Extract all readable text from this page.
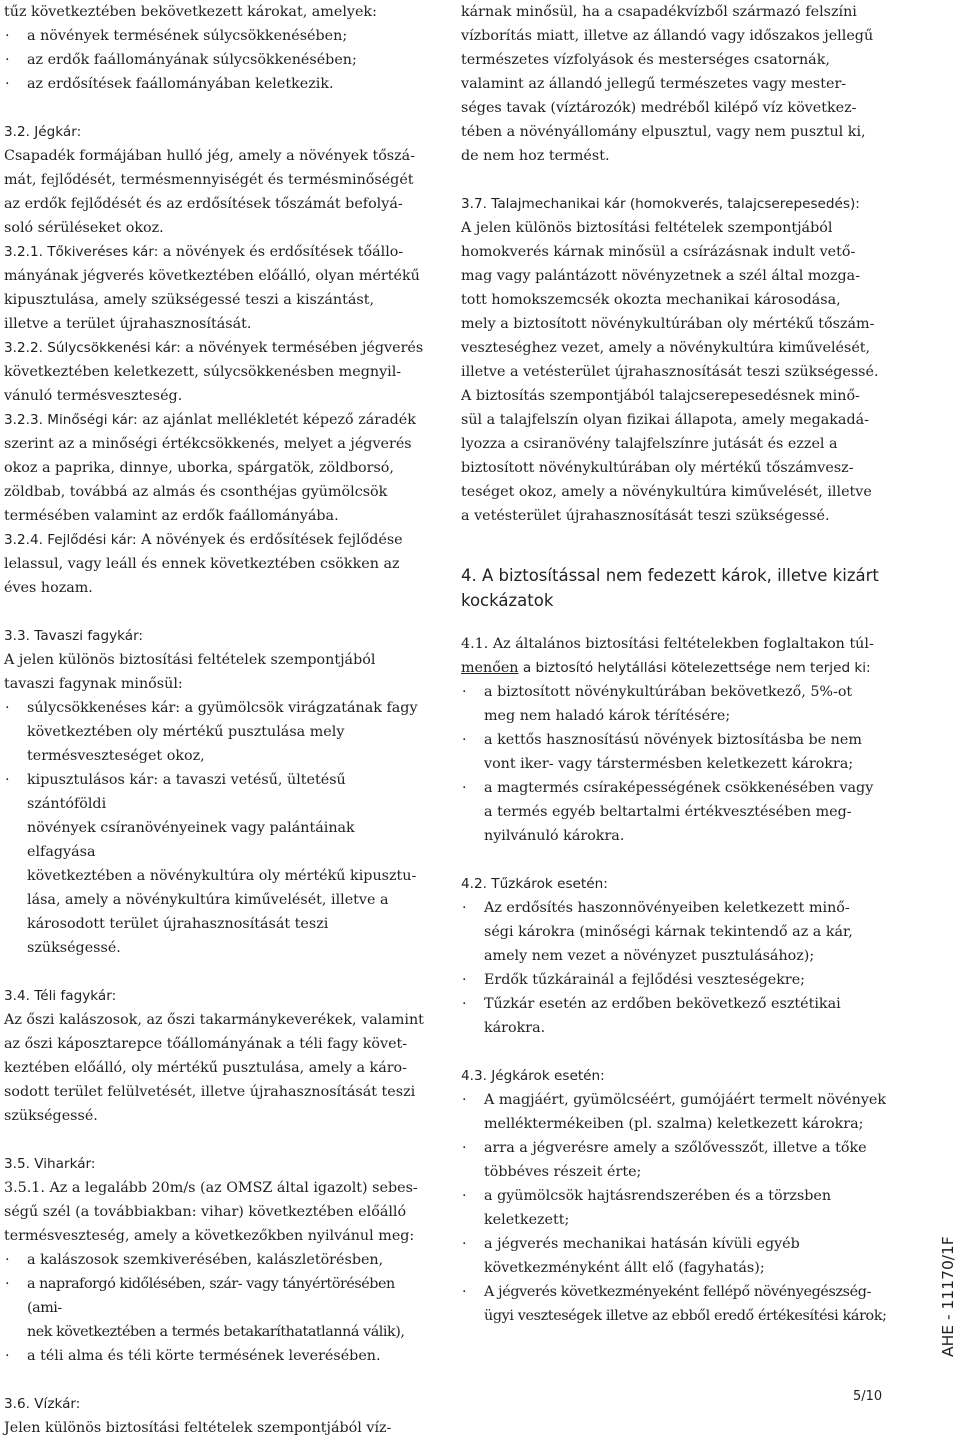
tűz következtében bekövetkezett károkat, amelyek:

· a növények termésének súlycsökkenésében;
· az erdők faállományának súlycsökkenésében;
· az erdősítések faállományában keletkezik.

3.2. Jégkár:

Csapadék formájában hulló jég, amely a növények tőszá-
mát, fejlődését, termésmennyiségét és termésminőségét
az erdők fejlődését és az erdősítések tőszámát befolyá-
soló sérüléseket okoz.

3.2.1. Tőkiveréses kár: a növények és erdősítések tőállo-
mányának jégverés következtében előálló, olyan mértékű
kipusztulása, amely szükségessé teszi a kiszántást,
illetve a terület újrahasznosítását.

3.2.2. Súlycsökkenési kár: a növények termésében jégverés
következtében keletkezett, súlycsökkenésben megnyil-
vánuló termésveszteség.

3.2.3. Minőségi kár: az ajánlat mellékletét képező záradék
szerint az a minőségi értékcsökkenés, melyet a jégverés
okoz a paprika, dinnye, uborka, spárgatök, zöldborsó,
zöldbab, továbbá az almás és csonthéjas gyümölcsök
termésében valamint az erdők faállományába.

3.2.4. Fejlődési kár: A növények és erdősítések fejlődése
lelassul, vagy leáll és ennek következtében csökken az
éves hozam.

3.3. Tavaszi fagykár:

A jelen különös biztosítási feltételek szempontjából
tavaszi fagynak minősül:

· súlycsökkenéses kár: a gyümölcsök virágzatának fagy
következtében oly mértékű pusztulása mely
termésveszteséget okoz,
· kipusztulásos kár: a tavaszi vetésű, ültetésű szántóföldi
növények csíranövényeinek vagy palántáinak elfagyása
következtében a növénykultúra oly mértékű kipusztu-
lása, amely a növénykultúra kiművelését, illetve a
károsodott terület újrahasznosítását teszi szükségessé.

3.4. Téli fagykár:

Az őszi kalászosok, az őszi takarmánykeverékek, valamint
az őszi káposztarepce tőállományának a téli fagy követ-
keztében előálló, oly mértékű pusztulása, amely a káro-
sodott terület felülvetését, illetve újrahasznosítását teszi
szükségessé.

3.5. Viharkár:

3.5.1. Az a legalább 20m/s (az OMSZ által igazolt) sebes-
ségű szél (a továbbiakban: vihar) következtében előálló
termésveszteség, amely a következőkben nyilvánul meg:

· a kalászosok szemkiverésében, kalászletörésben,
· a napraforgó kidőlésében, szár- vagy tányértörésében (ami-
nek következtében a termés betakaríthatatlanná válik),
· a téli alma és téli körte termésének leverésében.

3.6. Vízkár:

Jelen különös biztosítási feltételek szempontjából víz-

kárnak minősül, ha a csapadékvízből származó felszíni
vízborítás miatt, illetve az állandó vagy időszakos jellegű
természetes vízfolyások és mesterséges csatornák,
valamint az állandó jellegű természetes vagy mester-
séges tavak (víztározók) medréből kilépő víz következ-
tében a növényállomány elpusztul, vagy nem pusztul ki,
de nem hoz termést.

3.7. Talajmechanikai kár (homokverés, talajcserepesedés):

A jelen különös biztosítási feltételek szempontjából
homokverés kárnak minősül a csírázásnak indult vető-
mag vagy palántázott növényzetnek a szél által mozga-
tott homokszemcsék okozta mechanikai károsodása,
mely a biztosított növénykultúrában oly mértékű tőszám-
veszteséghez vezet, amely a növénykultúra kiművelését,
illetve a vetésterület újrahasznosítását teszi szükségessé.

A biztosítás szempontjából talajcserepesedésnek minő-
sül a talajfelszín olyan fizikai állapota, amely megakadá-
lyozza a csiranövény talajfelszínre jutását és ezzel a
biztosított növénykultúrában oly mértékű tőszámvesz-
teséget okoz, amely a növénykultúra kiművelését, illetve
a vetésterület újrahasznosítását teszi szükségessé.

4. A biztosítással nem fedezett károk, illetve kizárt
kockázatok

4.1. Az általános biztosítási feltételekben foglaltakon túl-
menően a biztosító helytállási kötelezettsége nem terjed ki:

· a biztosított növénykultúrában bekövetkező, 5%-ot
meg nem haladó károk térítésére;
· a kettős hasznosítású növények biztosításba be nem
vont iker- vagy társtermésben keletkezett károkra;
· a magtermés csíraképességének csökkenésében vagy
a termés egyéb beltartalmi értékvesztésében meg-
nyilvánuló károkra.

4.2. Tűzkárok esetén:

· Az erdősítés haszonnövényeiben keletkezett minő-
ségi károkra (minőségi kárnak tekintendő az a kár,
amely nem vezet a növényzet pusztulásához);
· Erdők tűzkárainál a fejlődési veszteségekre;
· Tűzkár esetén az erdőben bekövetkező esztétikai
károkra.

4.3. Jégkárok esetén:

· A magjáért, gyümölcséért, gumójáért termelt növények
melléktermékeiben (pl. szalma) keletkezett károkra;
· arra a jégverésre amely a szőlővesszőt, illetve a tőke
többéves részeit érte;
· a gyümölcsök hajtásrendszerében és a törzsben
keletkezett;
· a jégverés mechanikai hatásán kívüli egyéb
következményként állt elő (fagyhatás);
· A jégverés következményeként fellépő növényegészség-
ügyi veszteségek illetve az ebből eredő értékesítési károk;	AHE - 11170/1F
5/10
